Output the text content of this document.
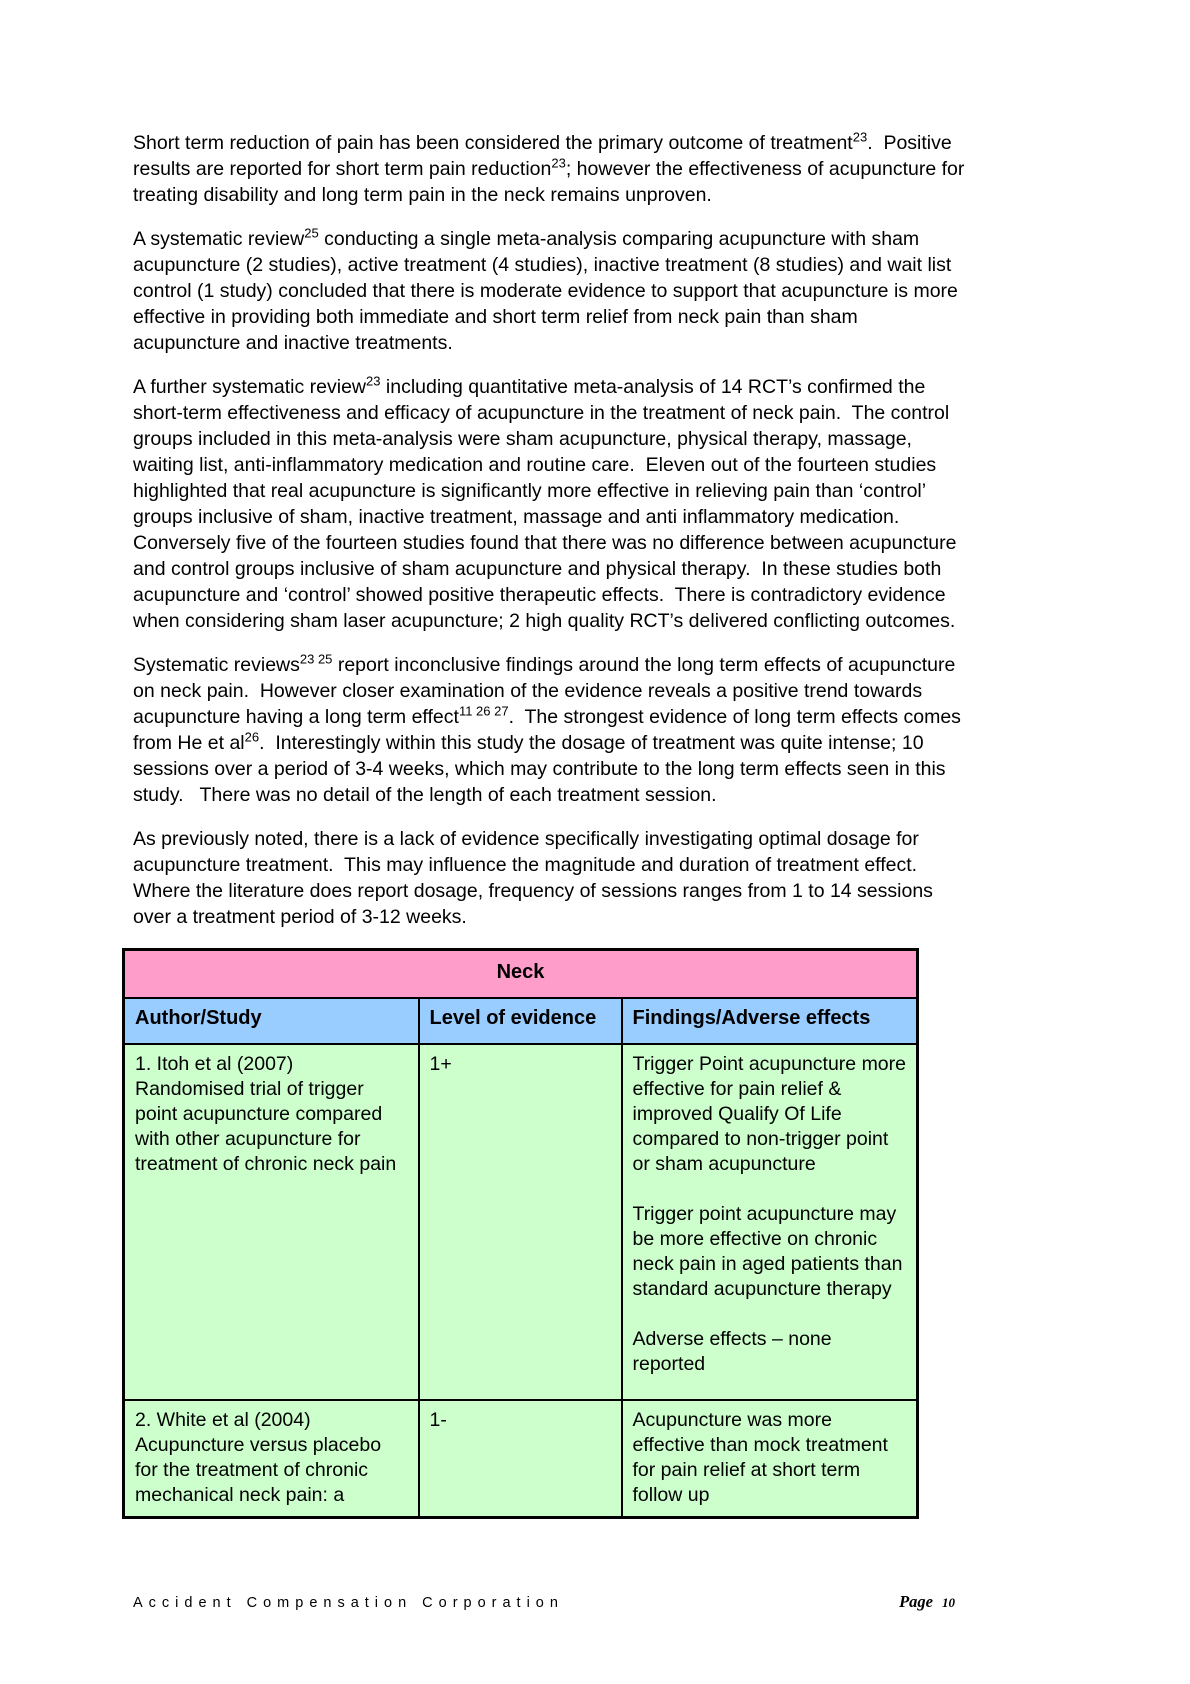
Short term reduction of pain has been considered the primary outcome of treatment$^{23}$.  Positive results are reported for short term pain reduction$^{23}$; however the effectiveness of acupuncture for treating disability and long term pain in the neck remains unproven.

A systematic review$^{25}$ conducting a single meta-analysis comparing acupuncture with sham acupuncture (2 studies), active treatment (4 studies), inactive treatment (8 studies) and wait list control (1 study) concluded that there is moderate evidence to support that acupuncture is more effective in providing both immediate and short term relief from neck pain than sham acupuncture and inactive treatments.

A further systematic review$^{23}$ including quantitative meta-analysis of 14 RCT’s confirmed the short-term effectiveness and efficacy of acupuncture in the treatment of neck pain.  The control groups included in this meta-analysis were sham acupuncture, physical therapy, massage, waiting list, anti-inflammatory medication and routine care.  Eleven out of the fourteen studies highlighted that real acupuncture is significantly more effective in relieving pain than ‘control’ groups inclusive of sham, inactive treatment, massage and anti inflammatory medication.  Conversely five of the fourteen studies found that there was no difference between acupuncture and control groups inclusive of sham acupuncture and physical therapy.  In these studies both acupuncture and ‘control’ showed positive therapeutic effects.  There is contradictory evidence when considering sham laser acupuncture; 2 high quality RCT’s delivered conflicting outcomes.

Systematic reviews$^{23 25}$ report inconclusive findings around the long term effects of acupuncture on neck pain.  However closer examination of the evidence reveals a positive trend towards acupuncture having a long term effect$^{11 26 27}$.  The strongest evidence of long term effects comes from He et $al^{26}$.  Interestingly within this study the dosage of treatment was quite intense; 10 sessions over a period of 3-4 weeks, which may contribute to the long term effects seen in this study.   There was no detail of the length of each treatment session.

As previously noted, there is a lack of evidence specifically investigating optimal dosage for acupuncture treatment.  This may influence the magnitude and duration of treatment effect.  Where the literature does report dosage, frequency of sessions ranges from 1 to 14 sessions over a treatment period of 3-12 weeks.

Neck		
Author/Study	Level of evidence	Findings/Adverse effects

1. Itoh et al (2007)
Randomised trial of trigger point acupuncture compared with other acupuncture for treatment of chronic neck pain
	1+	Trigger Point acupuncture more effective for pain relief & improved Qualify Of Life compared to non-trigger point or sham acupuncture

Trigger point acupuncture may be more effective on chronic neck pain in aged patients than standard acupuncture therapy

Adverse effects – none reported

2. White et al (2004)
Acupuncture versus placebo for the treatment of chronic mechanical neck pain: a	1-	Acupuncture was more effective than mock treatment for pain relief at short term follow up

Accident Compensation Corporation	Page 10
